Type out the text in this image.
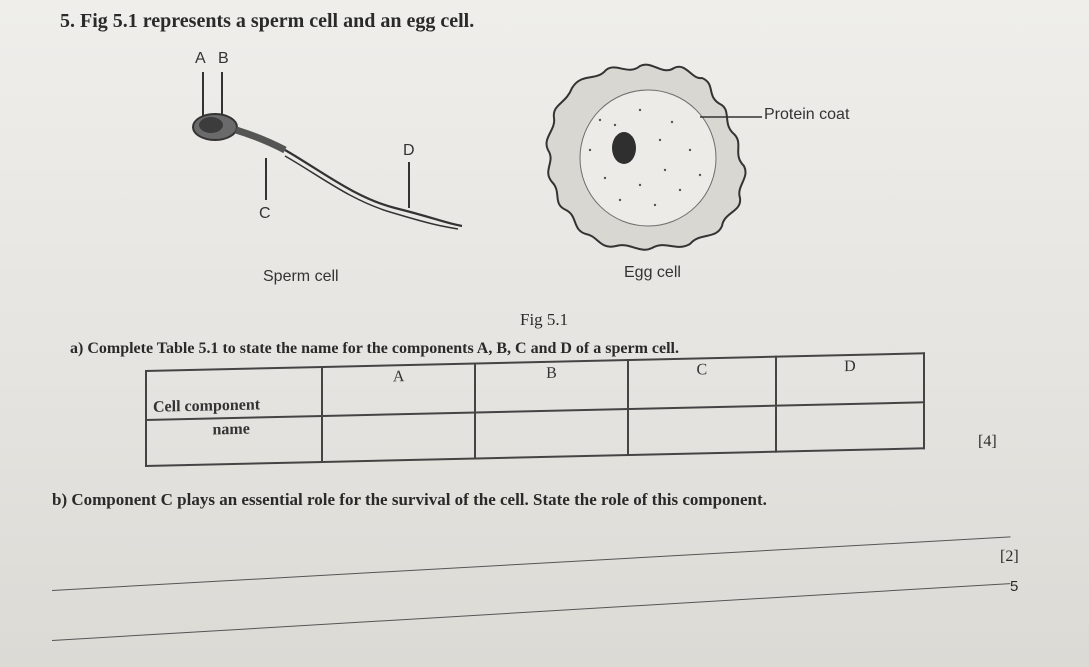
5. Fig 5.1 represents a sperm cell and an egg cell.
A B
D
C
Protein coat
Sperm cell	Egg cell
Fig 5.1
a) Complete Table 5.1 to state the name for the components A, B, C and D of a sperm cell.
Cell component	A	B	C	D
name				
[4]
b) Component C plays an essential role for the survival of the cell. State the role of this component.
[2]
5
